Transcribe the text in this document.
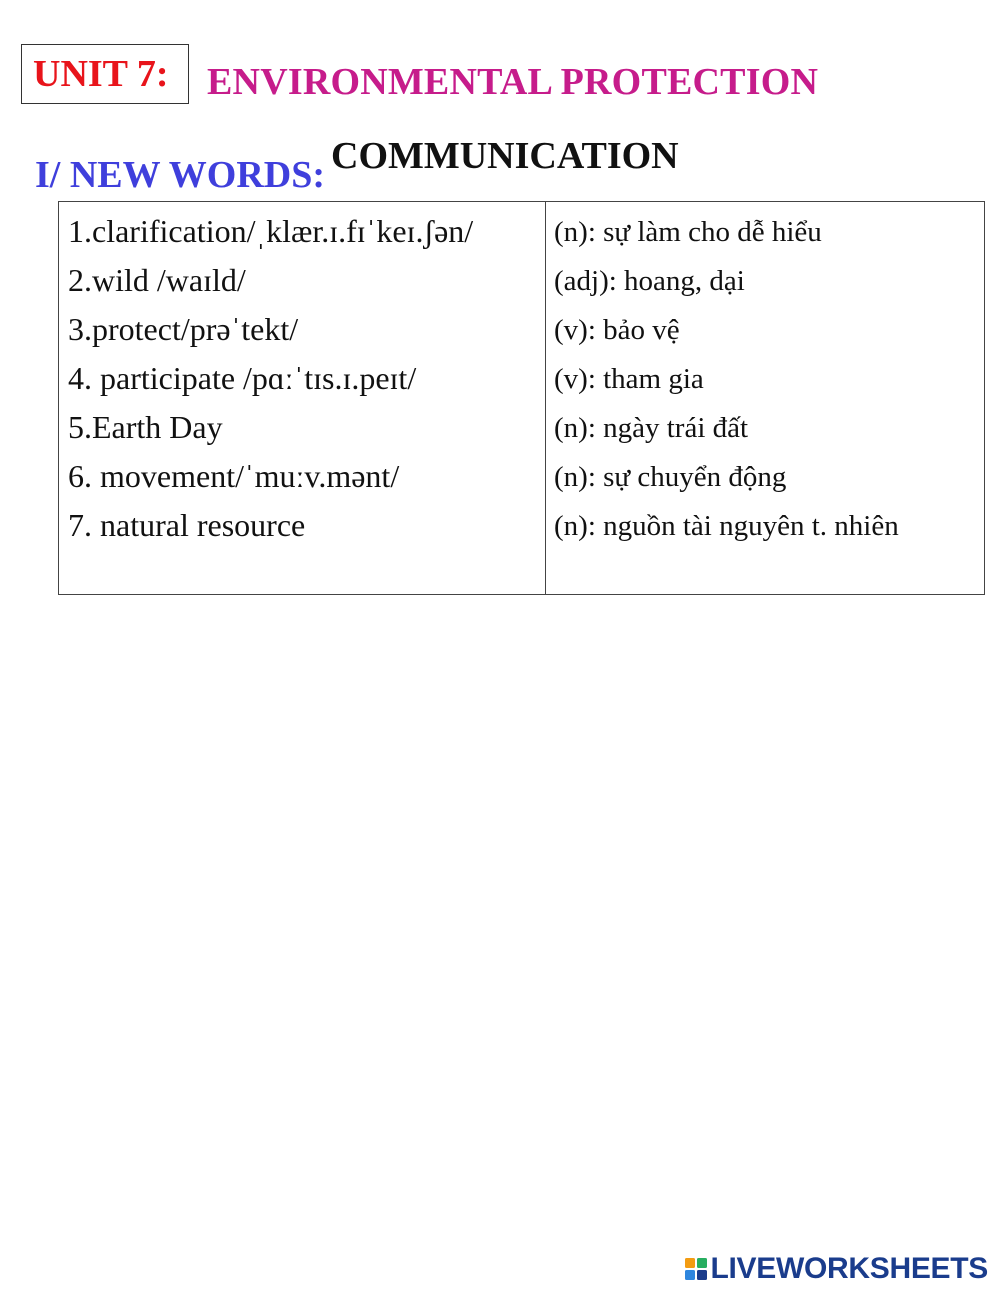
UNIT 7: ENVIRONMENTAL PROTECTION
I/ NEW WORDS: COMMUNICATION
1.clarification/ˌklær.ɪ.fɪˈkeɪ.ʃən/
2.wild /waɪld/
3.protect/prəˈtekt/
4. participate /pɑːˈtɪs.ɪ.peɪt/
5.Earth Day
6. movement/ˈmuːv.mənt/
7. natural resource
(n): sự làm cho dễ hiểu
(adj): hoang, dại
(v): bảo vệ
(v): tham gia
(n): ngày trái đất
(n): sự chuyển động
(n): nguồn tài nguyên t. nhiên
LIVEWORKSHEETS
